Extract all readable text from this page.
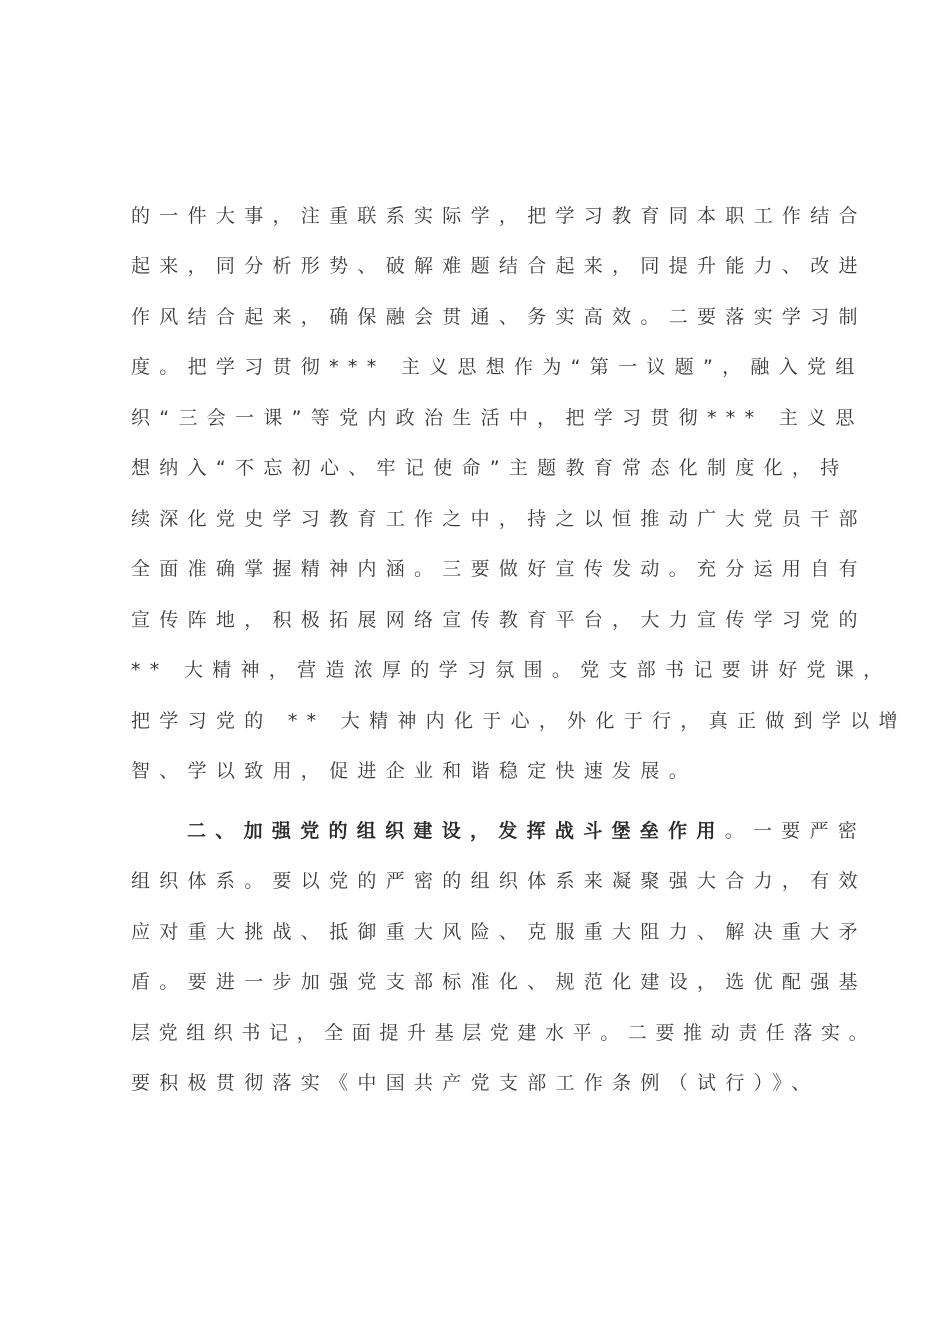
的一件大事，注重联系实际学，把学习教育同本职工作结合
起来，同分析形势、破解难题结合起来，同提升能力、改进
作风结合起来，确保融会贯通、务实高效。二要落实学习制
度。把学习贯彻*** 主义思想作为“第一议题”，融入党组
织“三会一课”等党内政治生活中，把学习贯彻*** 主义思
想纳入“不忘初心、牢记使命”主题教育常态化制度化，持
续深化党史学习教育工作之中，持之以恒推动广大党员干部
全面准确掌握精神内涵。三要做好宣传发动。充分运用自有
宣传阵地，积极拓展网络宣传教育平台，大力宣传学习党的
** 大精神，营造浓厚的学习氛围。党支部书记要讲好党课，
把学习党的 ** 大精神内化于心，外化于行，真正做到学以增
智、学以致用，促进企业和谐稳定快速发展。
二、加强党的组织建设，发挥战斗堡垒作用。一要严密
组织体系。要以党的严密的组织体系来凝聚强大合力，有效
应对重大挑战、抵御重大风险、克服重大阻力、解决重大矛
盾。要进一步加强党支部标准化、规范化建设，选优配强基
层党组织书记，全面提升基层党建水平。二要推动责任落实。
要积极贯彻落实《中国共产党支部工作条例（试行）》、
